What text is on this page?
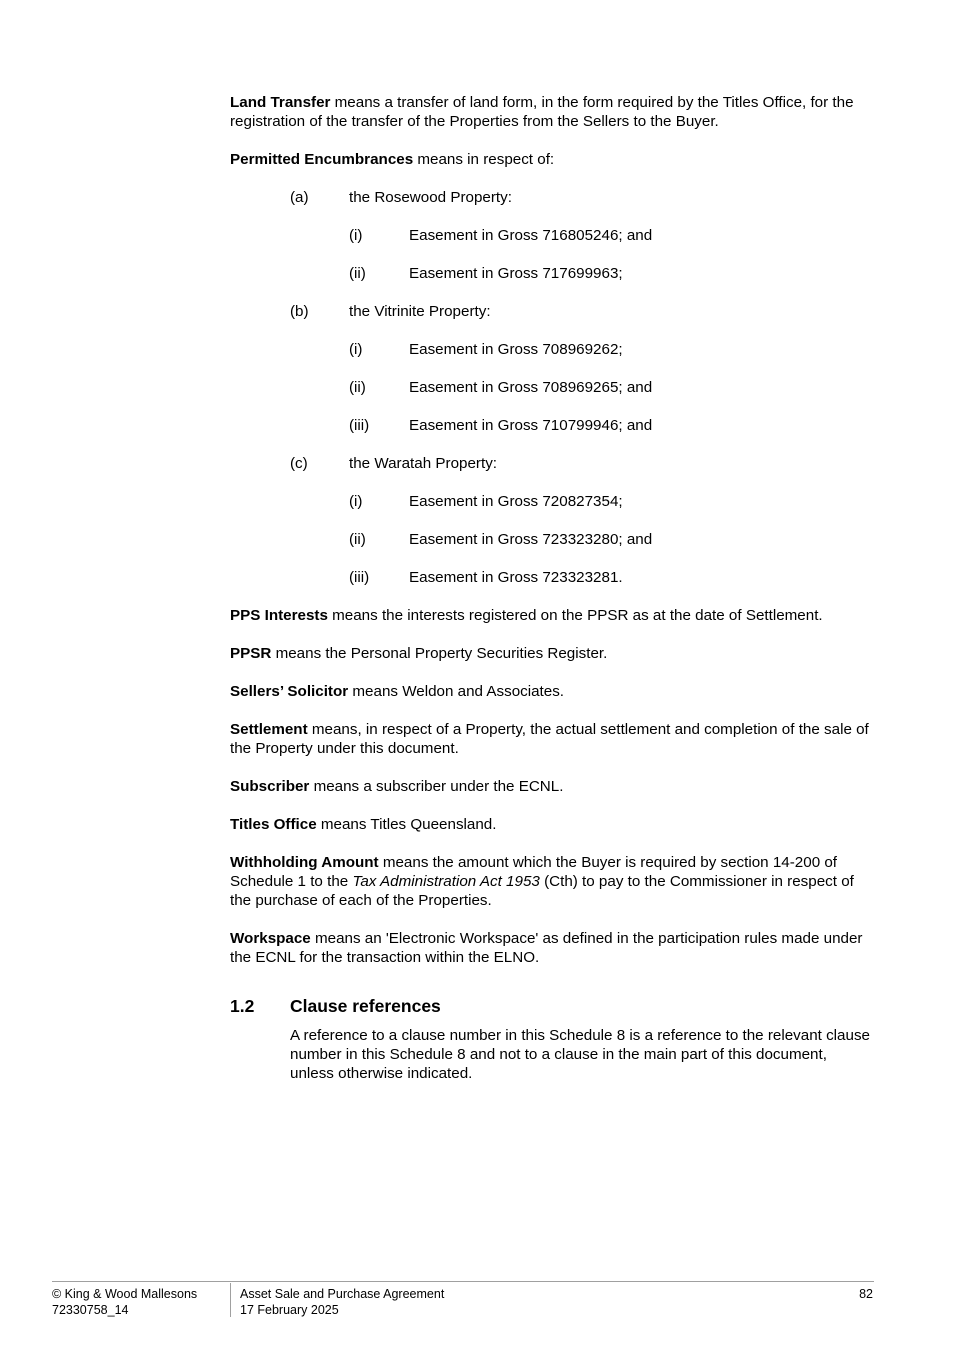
Land Transfer means a transfer of land form, in the form required by the Titles Office, for the registration of the transfer of the Properties from the Sellers to the Buyer.

Permitted Encumbrances means in respect of:

(a)	the Rosewood Property:
(i)	Easement in Gross 716805246; and
(ii)	Easement in Gross 717699963;
(b)	the Vitrinite Property:
(i)	Easement in Gross 708969262;
(ii)	Easement in Gross 708969265; and
(iii)	Easement in Gross 710799946; and
(c)	the Waratah Property:
(i)	Easement in Gross 720827354;
(ii)	Easement in Gross 723323280; and
(iii)	Easement in Gross 723323281.

PPS Interests means the interests registered on the PPSR as at the date of Settlement.

PPSR means the Personal Property Securities Register.

Sellers’ Solicitor means Weldon and Associates.

Settlement means, in respect of a Property, the actual settlement and completion of the sale of the Property under this document.

Subscriber means a subscriber under the ECNL.

Titles Office means Titles Queensland.

Withholding Amount means the amount which the Buyer is required by section 14-200 of Schedule 1 to the Tax Administration Act 1953 (Cth) to pay to the Commissioner in respect of the purchase of each of the Properties.

Workspace means an 'Electronic Workspace' as defined in the participation rules made under the ECNL for the transaction within the ELNO.

1.2 Clause references

A reference to a clause number in this Schedule 8 is a reference to the relevant clause number in this Schedule 8 and not to a clause in the main part of this document, unless otherwise indicated.

© King & Wood Mallesons
72330758_14
Asset Sale and Purchase Agreement
17 February 2025
82
